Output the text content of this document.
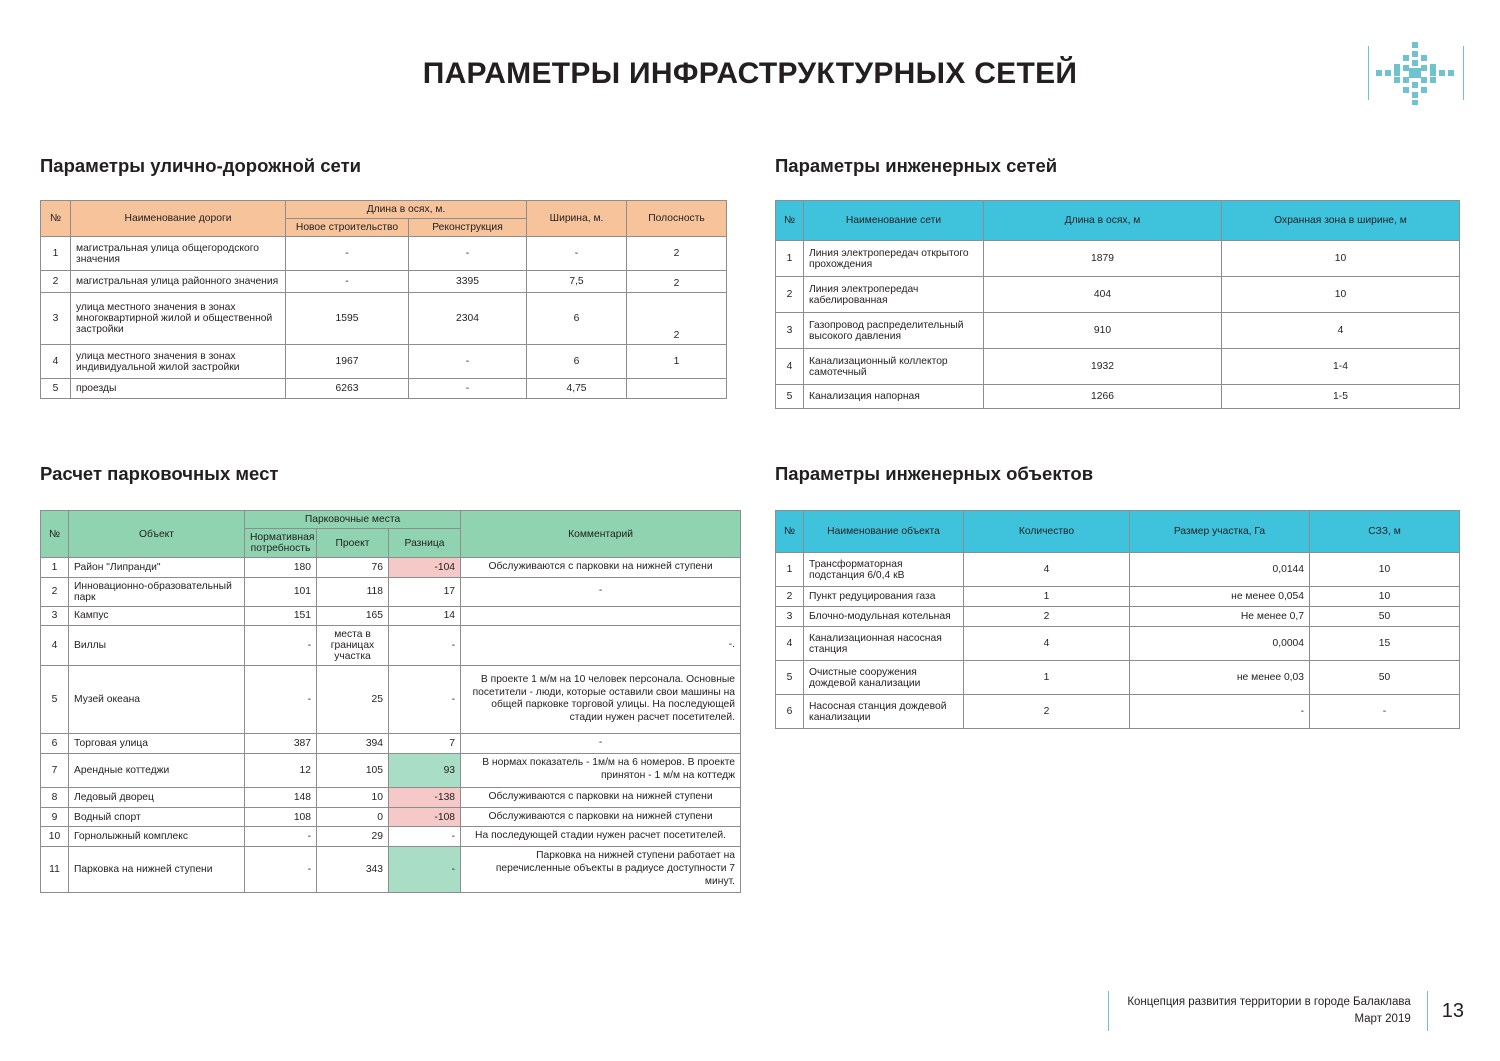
ПАРАМЕТРЫ ИНФРАСТРУКТУРНЫХ СЕТЕЙ
Параметры улично-дорожной сети
№	Наименование дороги	Длина в осях, м.		Ширина, м.	Полосность
		Новое строительство	Реконструкция		
1	магистральная улица общегородского значения	-	-	-	2
2	магистральная улица районного значения	-	3395	7,5	2
3	улица местного значения в зонах многоквартирной жилой и общественной застройки	1595	2304	6	2
4	улица местного значения в зонах индивидуальной жилой застройки	1967	-	6	1
5	проезды	6263	-	4,75	
Параметры инженерных сетей
№	Наименование сети	Длина в осях, м	Охранная зона в ширине, м
1	Линия электропередач открытого прохождения	1879	10
2	Линия электропередач кабелированная	404	10
3	Газопровод распределительный высокого давления	910	4
4	Канализационный коллектор самотечный	1932	1-4
5	Канализация напорная	1266	1-5
Расчет парковочных мест
№	Объект	Парковочные места			Комментарий
		Нормативная потребность	Проект	Разница	
1	Район "Липранди"	180	76	-104	Обслуживаются с парковки на нижней ступени
2	Инновационно-образовательный парк	101	118	17	-
3	Кампус	151	165	14	
4	Виллы	-	места в границах участка	-	-.
5	Музей океана	-	25	-	В проекте 1 м/м на 10 человек персонала. Основные посетители - люди, которые оставили свои машины на общей парковке торговой улицы. На последующей стадии нужен расчет посетителей.
6	Торговая улица	387	394	7	-
7	Арендные коттеджи	12	105	93	В нормах показатель - 1м/м на 6 номеров. В проекте принятон - 1 м/м на коттедж
8	Ледовый дворец	148	10	-138	Обслуживаются с парковки на нижней ступени
9	Водный спорт	108	0	-108	Обслуживаются с парковки на нижней ступени
10	Горнолыжный комплекс	-	29	-	На последующей стадии нужен расчет посетителей.
11	Парковка на нижней ступени	-	343	-	Парковка на нижней ступени работает на перечисленные объекты в радиусе доступности 7 минут.
Параметры инженерных объектов
№	Наименование объекта	Количество	Размер участка, Га	СЗЗ, м
1	Трансформаторная подстанция 6/0,4 кВ	4	0,0144	10
2	Пункт редуцирования газа	1	не менее 0,054	10
3	Блочно-модульная котельная	2	Не менее 0,7	50
4	Канализационная насосная станция	4	0,0004	15
5	Очистные сооружения дождевой канализации	1	не менее 0,03	50
6	Насосная станция дождевой канализации	2	-	-
Концепция развития территории в городе Балаклава
Март 2019 13
